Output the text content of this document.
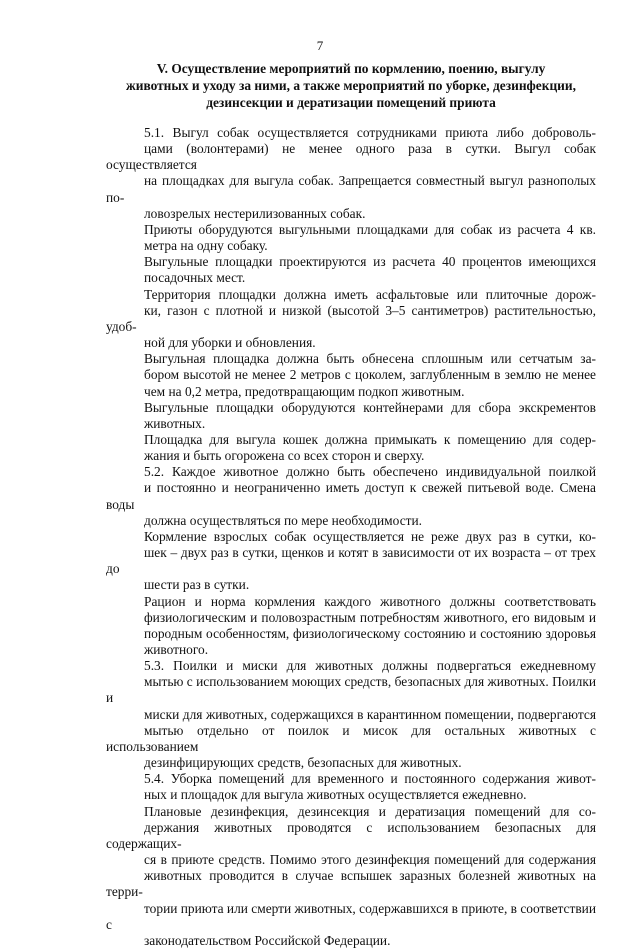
7
V. Осуществление мероприятий по кормлению, поению, выгулу
животных и уходу за ними, а также мероприятий по уборке, дезинфекции,
дезинсекции и дератизации помещений приюта

5.1. Выгул собак осуществляется сотрудниками приюта либо доброволь-
цами (волонтерами) не менее одного раза в сутки. Выгул собак осуществляется
на площадках для выгула собак. Запрещается совместный выгул разнополых по-
ловозрелых нестерилизованных собак.

Приюты оборудуются выгульными площадками для собак из расчета 4 кв.
метра на одну собаку.

Выгульные площадки проектируются из расчета 40 процентов имеющихся
посадочных мест.

Территория площадки должна иметь асфальтовые или плиточные дорож-
ки, газон с плотной и низкой (высотой 3–5 сантиметров) растительностью, удоб-
ной для уборки и обновления.

Выгульная площадка должна быть обнесена сплошным или сетчатым за-
бором высотой не менее 2 метров с цоколем, заглубленным в землю не менее
чем на 0,2 метра, предотвращающим подкоп животным.

Выгульные площадки оборудуются контейнерами для сбора экскрементов
животных.

Площадка для выгула кошек должна примыкать к помещению для содер-
жания и быть огорожена со всех сторон и сверху.

5.2. Каждое животное должно быть обеспечено индивидуальной поилкой
и постоянно и неограниченно иметь доступ к свежей питьевой воде. Смена воды
должна осуществляться по мере необходимости.

Кормление взрослых собак осуществляется не реже двух раз в сутки, ко-
шек – двух раз в сутки, щенков и котят в зависимости от их возраста – от трех до
шести раз в сутки.

Рацион и норма кормления каждого животного должны соответствовать
физиологическим и половозрастным потребностям животного, его видовым и
породным особенностям, физиологическому состоянию и состоянию здоровья
животного.

5.3. Поилки и миски для животных должны подвергаться ежедневному
мытью с использованием моющих средств, безопасных для животных. Поилки и
миски для животных, содержащихся в карантинном помещении, подвергаются
мытью отдельно от поилок и мисок для остальных животных с использованием
дезинфицирующих средств, безопасных для животных.

5.4. Уборка помещений для временного и постоянного содержания живот-
ных и площадок для выгула животных осуществляется ежедневно.

Плановые дезинфекция, дезинсекция и дератизация помещений для со-
держания животных проводятся с использованием безопасных для содержащих-
ся в приюте средств. Помимо этого дезинфекция помещений для содержания
животных проводится в случае вспышек заразных болезней животных на терри-
тории приюта или смерти животных, содержавшихся в приюте, в соответствии с
законодательством Российской Федерации.
